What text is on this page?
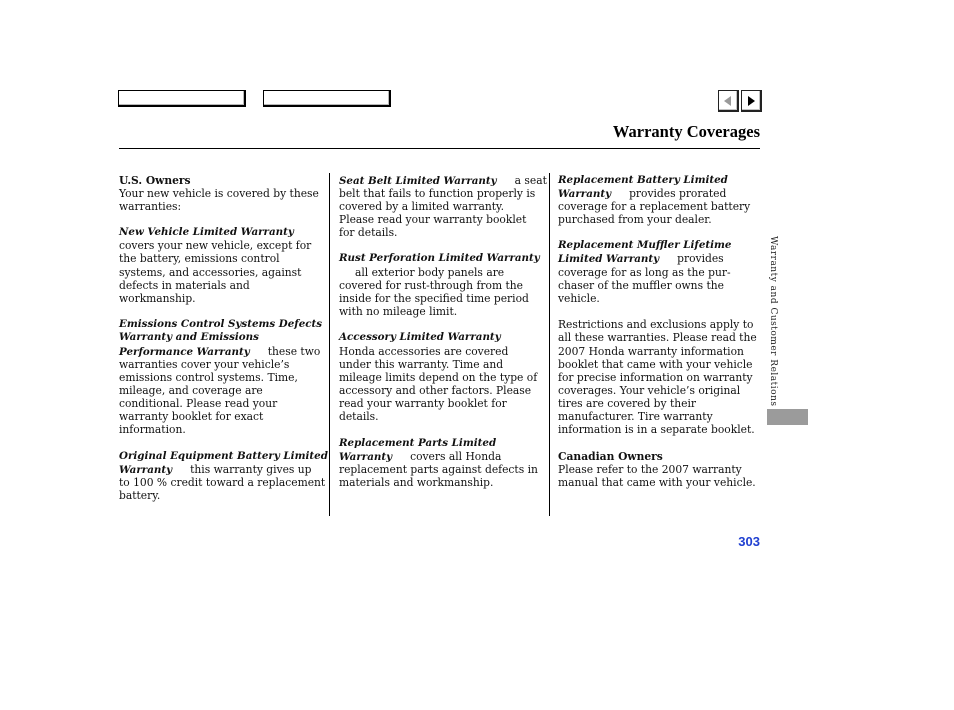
Warranty Coverages
U.S. Owners
Your new vehicle is covered by these
warranties:
New Vehicle Limited Warranty
covers your new vehicle, except for
the battery, emissions control
systems, and accessories, against
defects in materials and
workmanship.
Emissions Control Systems Defects
Warranty and Emissions
Performance Warranty these two
warranties cover your vehicle’s
emissions control systems. Time,
mileage, and coverage are
conditional. Please read your
warranty booklet for exact
information.
Original Equipment Battery Limited
Warranty this warranty gives up
to 100 % credit toward a replacement
battery.
Seat Belt Limited Warranty a seat
belt that fails to function properly is
covered by a limited warranty.
Please read your warranty booklet
for details.
Rust Perforation Limited Warranty
all exterior body panels are
covered for rust-through from the
inside for the specified time period
with no mileage limit.
Accessory Limited Warranty
Honda accessories are covered
under this warranty. Time and
mileage limits depend on the type of
accessory and other factors. Please
read your warranty booklet for
details.
Replacement Parts Limited
Warranty covers all Honda
replacement parts against defects in
materials and workmanship.
Replacement Battery Limited
Warranty provides prorated
coverage for a replacement battery
purchased from your dealer.
Replacement Muffler Lifetime
Limited Warranty provides
coverage for as long as the pur-
chaser of the muffler owns the
vehicle.
Restrictions and exclusions apply to
all these warranties. Please read the
2007 Honda warranty information
booklet that came with your vehicle
for precise information on warranty
coverages. Your vehicle’s original
tires are covered by their
manufacturer. Tire warranty
information is in a separate booklet.
Canadian Owners
Please refer to the 2007 warranty
manual that came with your vehicle.
Warranty and Customer Relations
303
